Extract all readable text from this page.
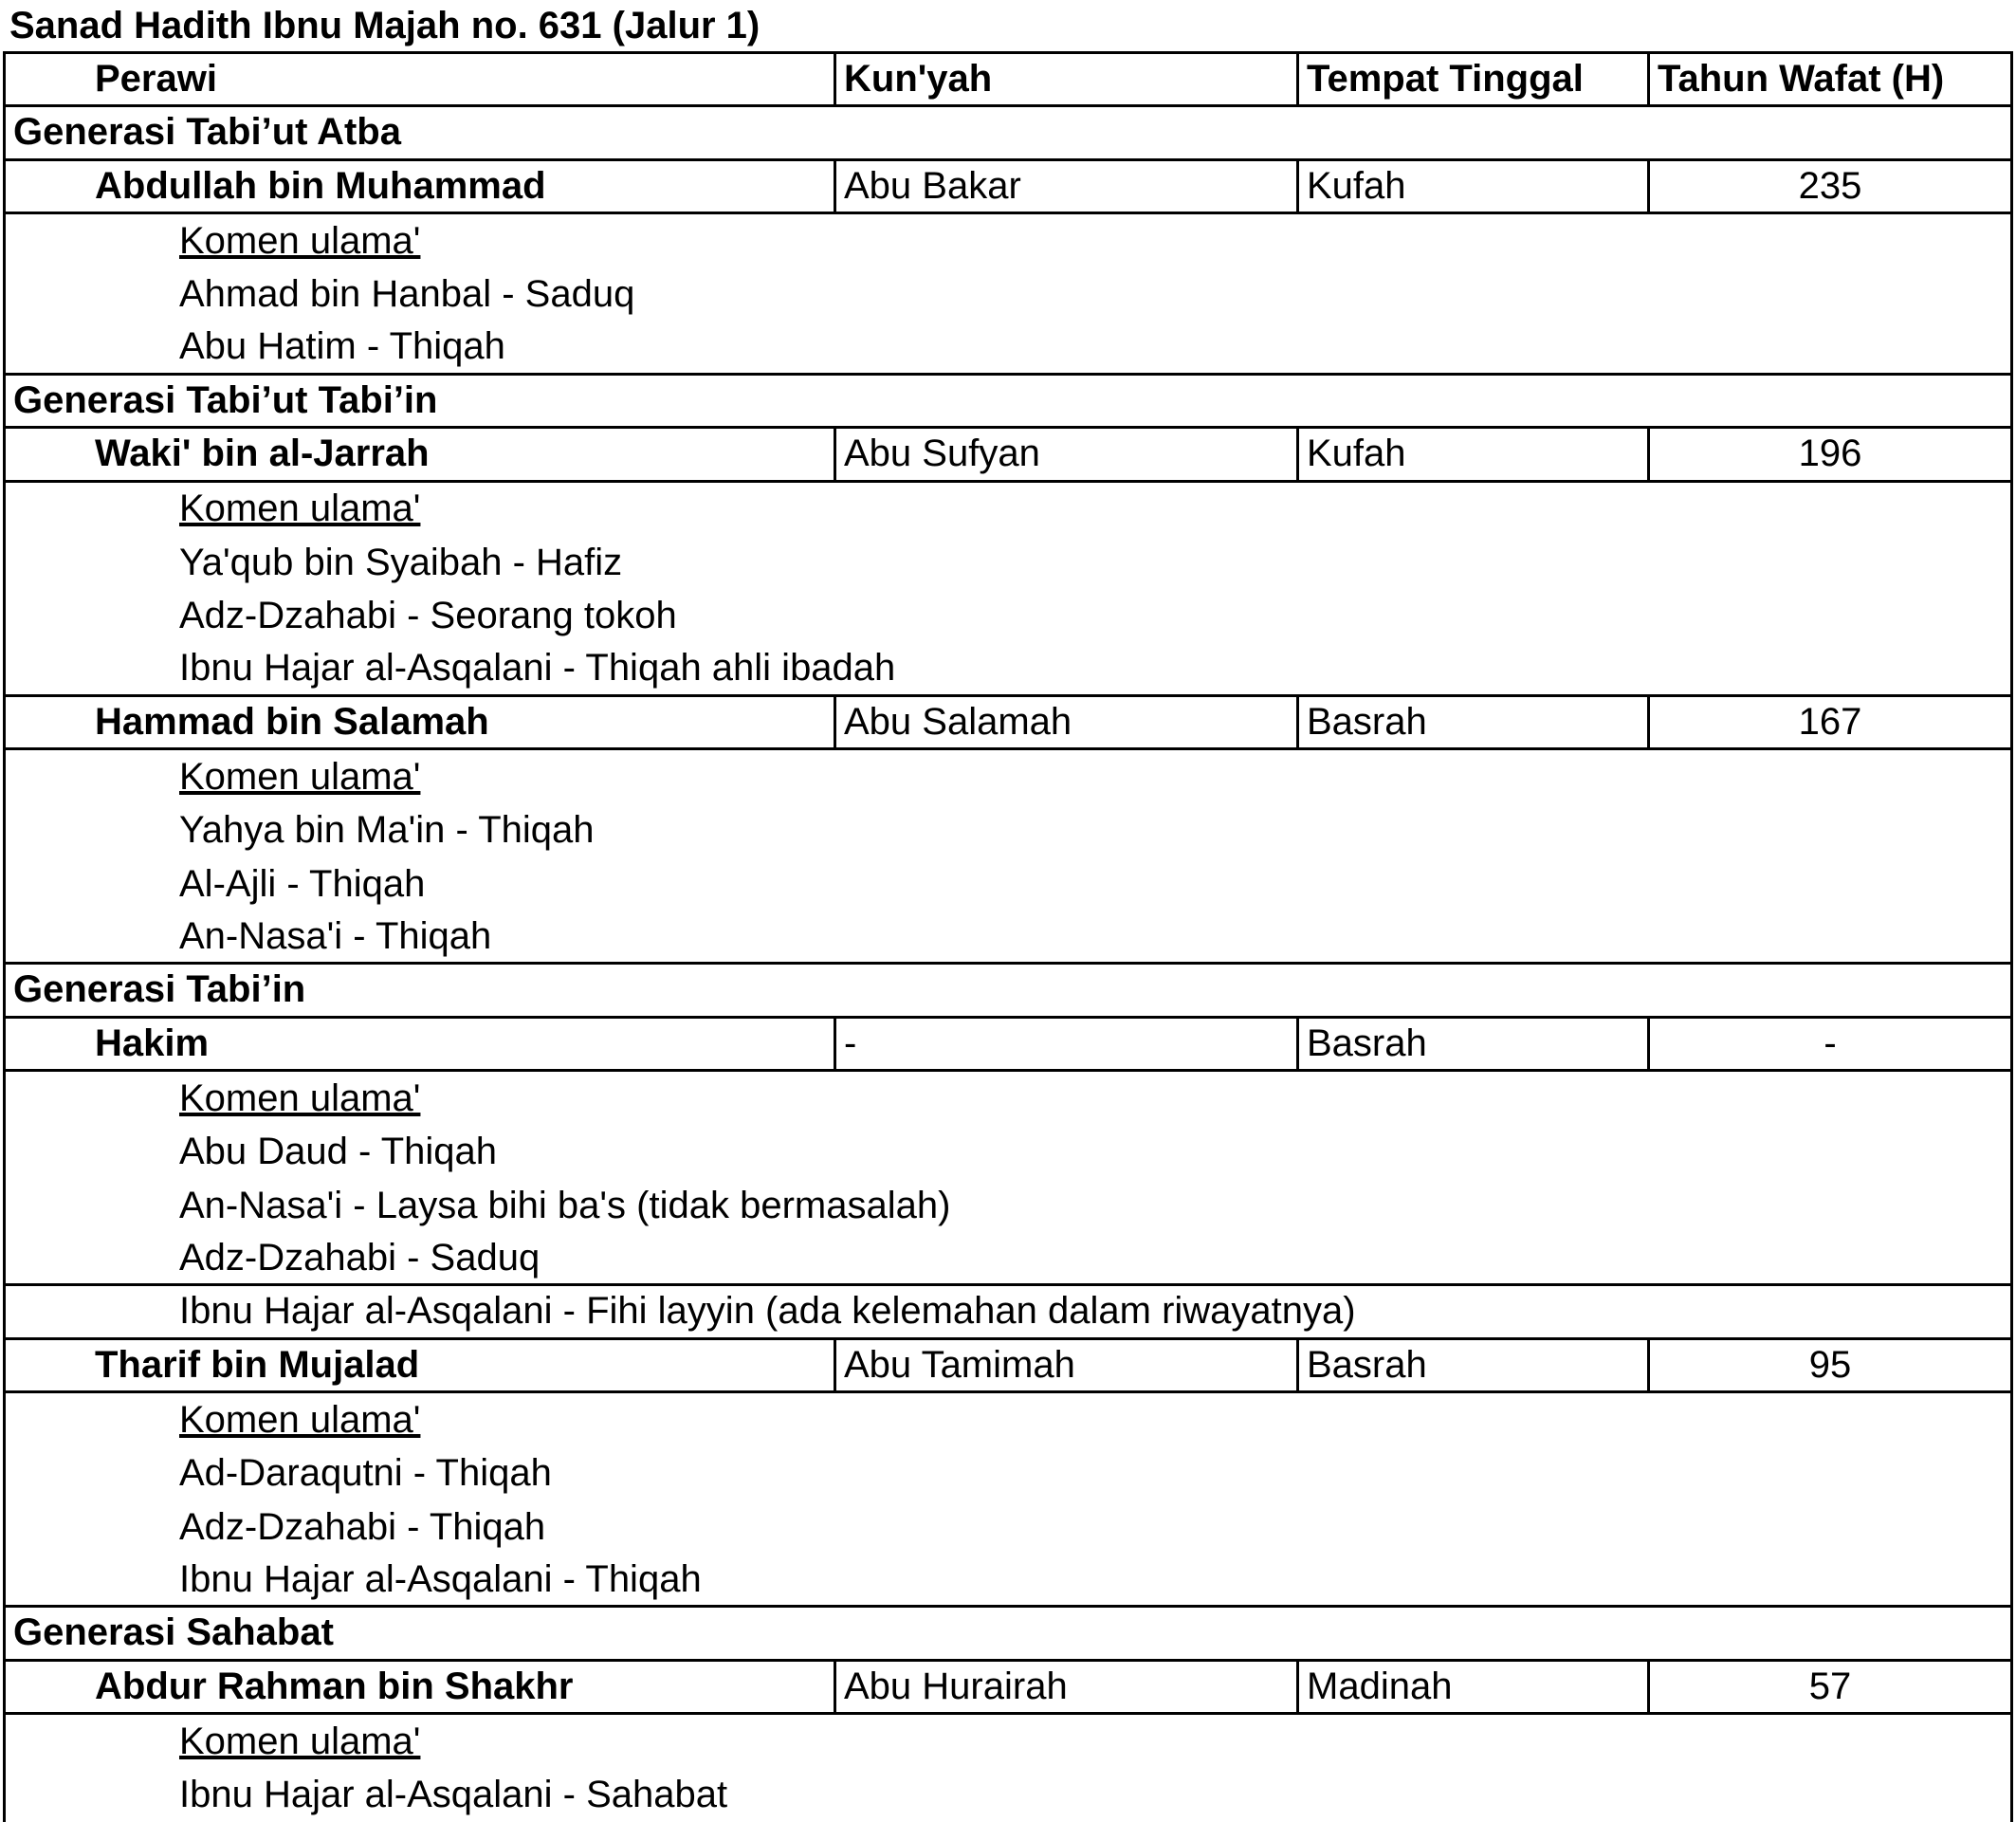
Sanad Hadith Ibnu Majah no. 631 (Jalur 1)
Perawi	Kun'yah	Tempat Tinggal	Tahun Wafat (H)
Generasi Tabi’ut Atba
Abdullah bin Muhammad	Abu Bakar	Kufah	235
Komen ulama'
Ahmad bin Hanbal - Saduq
Abu Hatim - Thiqah
Generasi Tabi’ut Tabi’in
Waki' bin al-Jarrah	Abu Sufyan	Kufah	196
Komen ulama'
Ya'qub bin Syaibah - Hafiz
Adz-Dzahabi - Seorang tokoh
Ibnu Hajar al-Asqalani - Thiqah ahli ibadah
Hammad bin Salamah	Abu Salamah	Basrah	167
Komen ulama'
Yahya bin Ma'in - Thiqah
Al-Ajli - Thiqah
An-Nasa'i - Thiqah
Generasi Tabi’in
Hakim	-	Basrah	-
Komen ulama'
Abu Daud - Thiqah
An-Nasa'i - Laysa bihi ba's (tidak bermasalah)
Adz-Dzahabi - Saduq
Ibnu Hajar al-Asqalani - Fihi layyin (ada kelemahan dalam riwayatnya)
Tharif bin Mujalad	Abu Tamimah	Basrah	95
Komen ulama'
Ad-Daraqutni - Thiqah
Adz-Dzahabi - Thiqah
Ibnu Hajar al-Asqalani - Thiqah
Generasi Sahabat
Abdur Rahman bin Shakhr	Abu Hurairah	Madinah	57
Komen ulama'
Ibnu Hajar al-Asqalani - Sahabat
